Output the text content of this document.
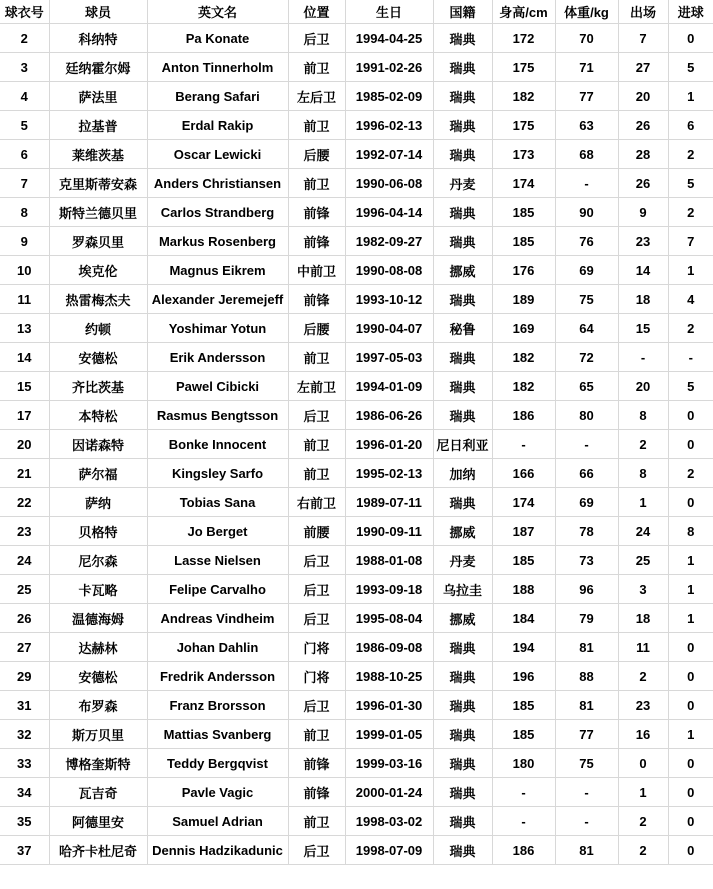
球衣号	球员	英文名	位置	生日	国籍	身高/cm	体重/kg	出场	进球
2	科纳特	Pa Konate	后卫	1994-04-25	瑞典	172	70	7	0
3	廷纳霍尔姆	Anton Tinnerholm	前卫	1991-02-26	瑞典	175	71	27	5
4	萨法里	Berang Safari	左后卫	1985-02-09	瑞典	182	77	20	1
5	拉基普	Erdal Rakip	前卫	1996-02-13	瑞典	175	63	26	6
6	莱维茨基	Oscar Lewicki	后腰	1992-07-14	瑞典	173	68	28	2
7	克里斯蒂安森	Anders Christiansen	前卫	1990-06-08	丹麦	174	-	26	5
8	斯特兰德贝里	Carlos Strandberg	前锋	1996-04-14	瑞典	185	90	9	2
9	罗森贝里	Markus Rosenberg	前锋	1982-09-27	瑞典	185	76	23	7
10	埃克伦	Magnus Eikrem	中前卫	1990-08-08	挪威	176	69	14	1
11	热雷梅杰夫	Alexander Jeremejeff	前锋	1993-10-12	瑞典	189	75	18	4
13	约顿	Yoshimar Yotun	后腰	1990-04-07	秘鲁	169	64	15	2
14	安德松	Erik Andersson	前卫	1997-05-03	瑞典	182	72	-	-
15	齐比茨基	Pawel Cibicki	左前卫	1994-01-09	瑞典	182	65	20	5
17	本特松	Rasmus Bengtsson	后卫	1986-06-26	瑞典	186	80	8	0
20	因诺森特	Bonke Innocent	前卫	1996-01-20	尼日利亚	-	-	2	0
21	萨尔福	Kingsley Sarfo	前卫	1995-02-13	加纳	166	66	8	2
22	萨纳	Tobias Sana	右前卫	1989-07-11	瑞典	174	69	1	0
23	贝格特	Jo Berget	前腰	1990-09-11	挪威	187	78	24	8
24	尼尔森	Lasse Nielsen	后卫	1988-01-08	丹麦	185	73	25	1
25	卡瓦略	Felipe Carvalho	后卫	1993-09-18	乌拉圭	188	96	3	1
26	温德海姆	Andreas Vindheim	后卫	1995-08-04	挪威	184	79	18	1
27	达赫林	Johan Dahlin	门将	1986-09-08	瑞典	194	81	11	0
29	安德松	Fredrik Andersson	门将	1988-10-25	瑞典	196	88	2	0
31	布罗森	Franz Brorsson	后卫	1996-01-30	瑞典	185	81	23	0
32	斯万贝里	Mattias Svanberg	前卫	1999-01-05	瑞典	185	77	16	1
33	博格奎斯特	Teddy Bergqvist	前锋	1999-03-16	瑞典	180	75	0	0
34	瓦吉奇	Pavle Vagic	前锋	2000-01-24	瑞典	-	-	1	0
35	阿德里安	Samuel Adrian	前卫	1998-03-02	瑞典	-	-	2	0
37	哈齐卡杜尼奇	Dennis Hadzikadunic	后卫	1998-07-09	瑞典	186	81	2	0
